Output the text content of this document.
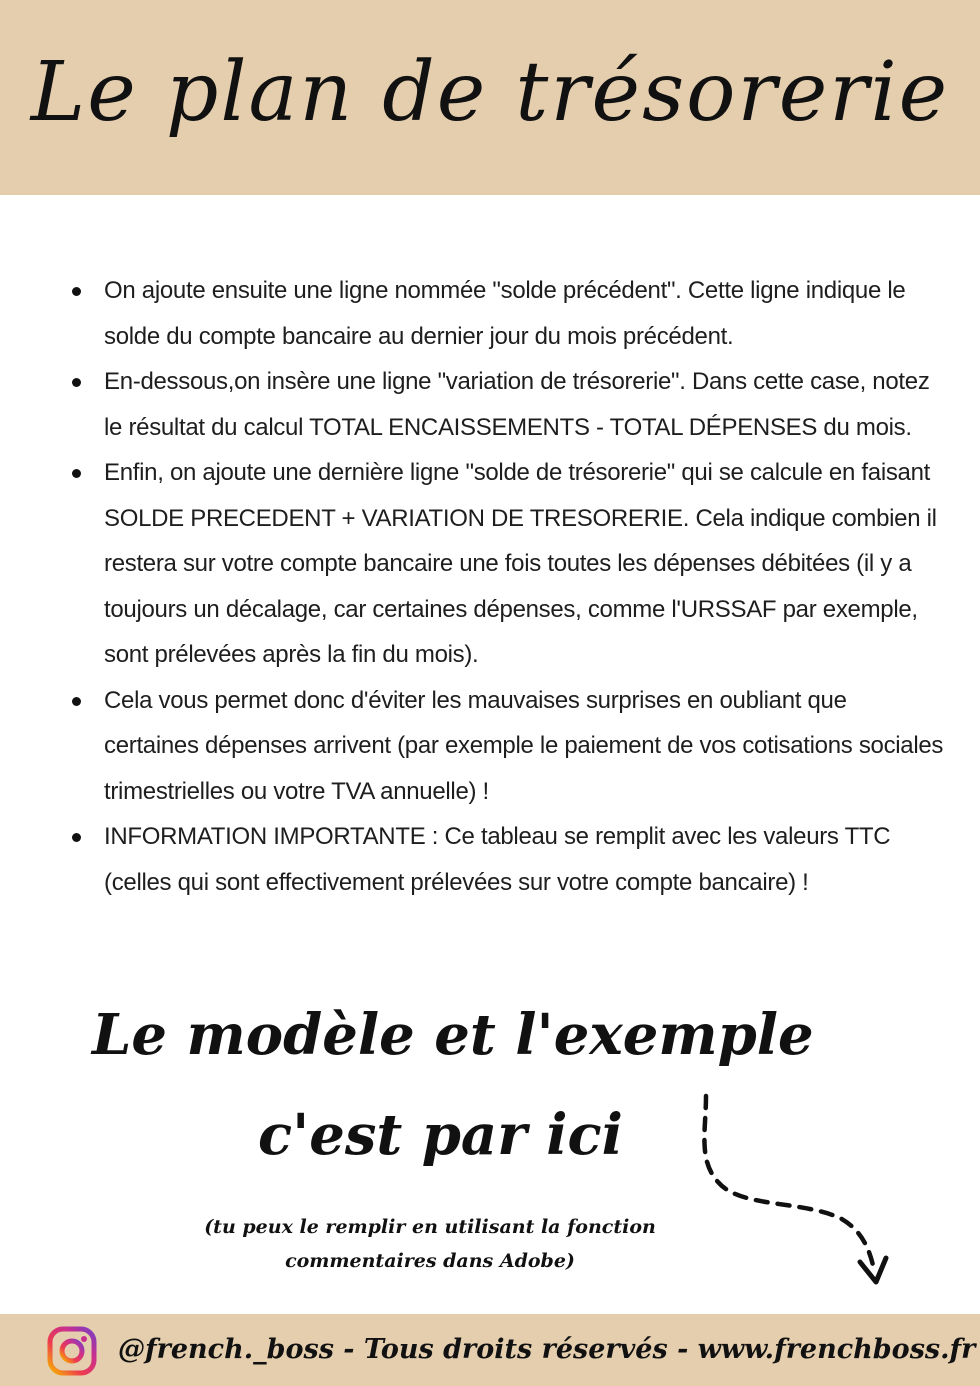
Le plan de trésorerie
On ajoute ensuite une ligne nommée "solde précédent". Cette ligne indique le solde du compte bancaire au dernier jour du mois précédent.
En-dessous,on insère une ligne "variation de trésorerie". Dans cette case, notez le résultat du calcul TOTAL ENCAISSEMENTS - TOTAL DÉPENSES du mois.
Enfin, on ajoute une dernière ligne "solde de trésorerie" qui se calcule en faisant SOLDE PRECEDENT + VARIATION DE TRESORERIE. Cela indique combien il restera sur votre compte bancaire une fois toutes les dépenses débitées (il y a toujours un décalage, car certaines dépenses, comme l'URSSAF par exemple, sont prélevées après la fin du mois).
Cela vous permet donc d'éviter les mauvaises surprises en oubliant que certaines dépenses arrivent (par exemple le paiement de vos cotisations sociales trimestrielles ou votre TVA annuelle) !
INFORMATION IMPORTANTE : Ce tableau se remplit avec les valeurs TTC (celles qui sont effectivement prélevées sur votre compte bancaire) !

Le modèle et l'exemple

c'est par ici

(tu peux le remplir en utilisant la fonction
commentaires dans Adobe)
@french._boss - Tous droits réservés - www.frenchboss.fr
